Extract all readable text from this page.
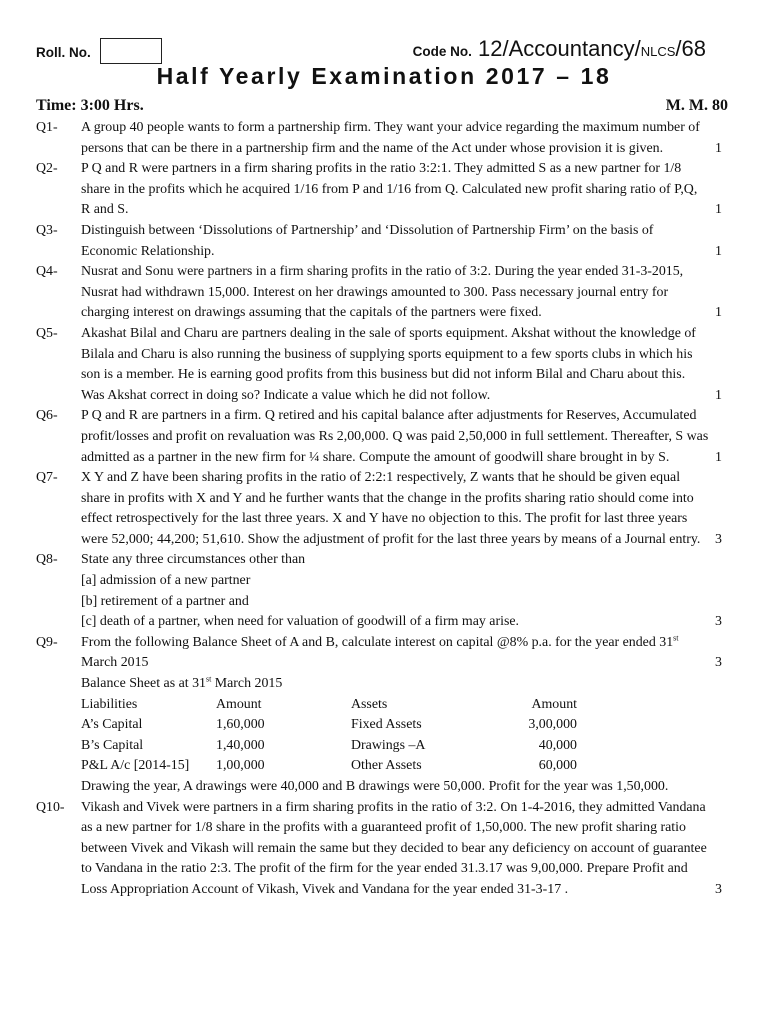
Roll. No.	Code No. 12/Accountancy/NLCS/68
Half Yearly Examination 2017 – 18
Time: 3:00 Hrs.	M. M. 80
Q1- A group 40 people wants to form a partnership firm. They want your advice regarding the maximum number of persons that can be there in a partnership firm and the name of the Act under whose provision it is given.	1
Q2- P Q and R were partners in a firm sharing profits in the ratio 3:2:1. They admitted S as a new partner for 1/8 share in the profits which he acquired 1/16 from P and 1/16 from Q. Calculated new profit sharing ratio of P,Q, R and S.	1
Q3- Distinguish between ‘Dissolutions of Partnership’ and ‘Dissolution of Partnership Firm’ on the basis of Economic Relationship.	1
Q4- Nusrat and Sonu were partners in a firm sharing profits in the ratio of 3:2. During the year ended 31-3-2015, Nusrat had withdrawn 15,000. Interest on her drawings amounted to 300. Pass necessary journal entry for charging interest on drawings assuming that the capitals of the partners were fixed.	1
Q5- Akashat Bilal and Charu are partners dealing in the sale of sports equipment. Akshat without the knowledge of Bilala and Charu is also running the business of supplying sports equipment to a few sports clubs in which his son is a member. He is earning good profits from this business but did not inform Bilal and Charu about this. Was Akshat correct in doing so? Indicate a value which he did not follow.	1
Q6- P Q and R are partners in a firm. Q retired and his capital balance after adjustments for Reserves, Accumulated profit/losses and profit on revaluation was Rs 2,00,000. Q was paid 2,50,000 in full settlement. Thereafter, S was admitted as a partner in the new firm for ¼ share. Compute the amount of goodwill share brought in by S.	1
Q7- X Y and Z have been sharing profits in the ratio of 2:2:1 respectively, Z wants that he should be given equal share in profits with X and Y and he further wants that the change in the profits sharing ratio should come into effect retrospectively for the last three years. X and Y have no objection to this. The profit for last three years were 52,000; 44,200; 51,610. Show the adjustment of profit for the last three years by means of a Journal entry. 3
Q8- State any three circumstances other than
[a] admission of a new partner
[b] retirement of a partner and
[c] death of a partner, when need for valuation of goodwill of a firm may arise.	3
Q9- From the following Balance Sheet of A and B, calculate interest on capital @8% p.a. for the year ended 31st
March 2015	3
Balance Sheet as at 31st March 2015
Liabilities	Amount	Assets	Amount
A’s Capital	1,60,000	Fixed Assets	3,00,000
B’s Capital	1,40,000	Drawings –A	40,000
P&L A/c [2014-15]	1,00,000	Other Assets	60,000
Drawing the year, A drawings were 40,000 and B drawings were 50,000. Profit for the year was 1,50,000.
Q10- Vikash and Vivek were partners in a firm sharing profits in the ratio of 3:2. On 1-4-2016, they admitted Vandana as a new partner for 1/8 share in the profits with a guaranteed profit of 1,50,000. The new profit sharing ratio between Vivek and Vikash will remain the same but they decided to bear any deficiency on account of guarantee to Vandana in the ratio 2:3. The profit of the firm for the year ended 31.3.17 was 9,00,000. Prepare Profit and Loss Appropriation Account of Vikash, Vivek and Vandana for the year ended 31-3-17 .	3
